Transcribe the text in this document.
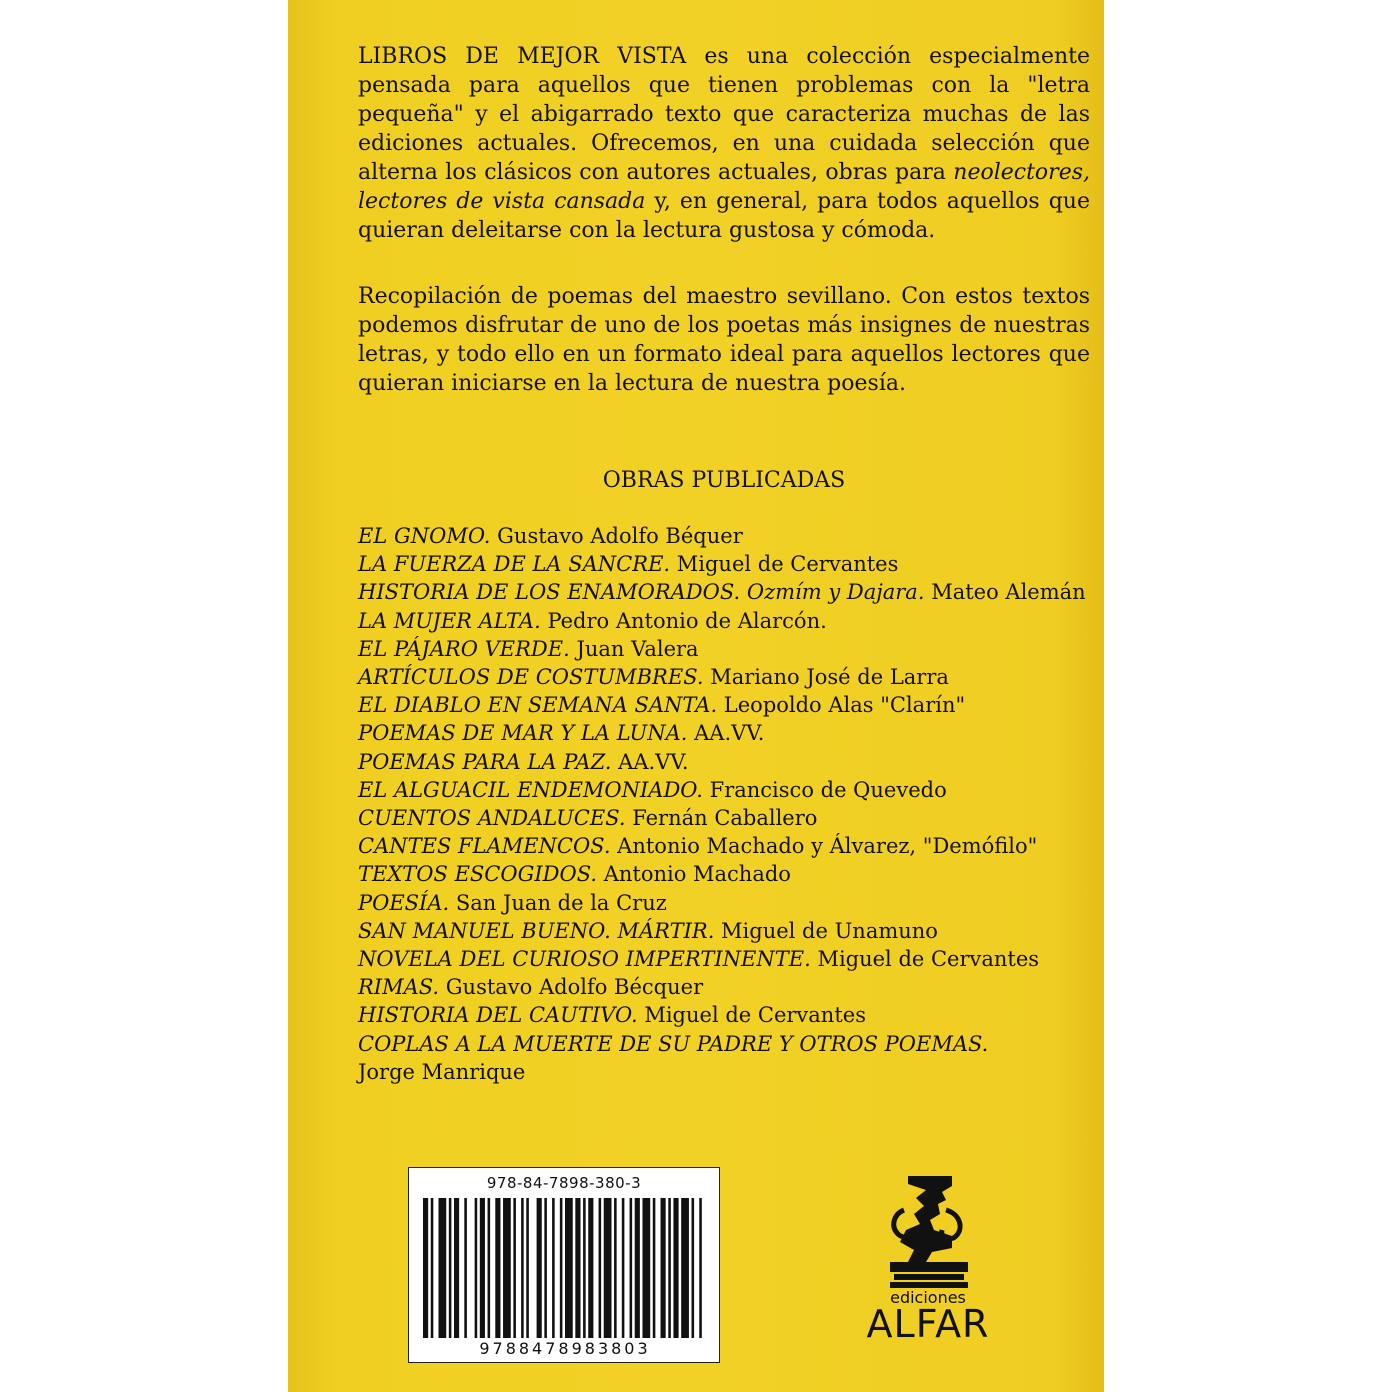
LIBROS DE MEJOR VISTA es una colección especialmente pensada para aquellos que tienen problemas con la "letra pequeña" y el abigarrado texto que caracteriza muchas de las ediciones actuales. Ofrecemos, en una cuidada selección que alterna los clásicos con autores actuales, obras para neolectores, lectores de vista cansada y, en general, para todos aquellos que quieran deleitarse con la lectura gustosa y cómoda.

Recopilación de poemas del maestro sevillano. Con estos textos podemos disfrutar de uno de los poetas más insignes de nuestras letras, y todo ello en un formato ideal para aquellos lectores que quieran iniciarse en la lectura de nuestra poesía.

OBRAS PUBLICADAS
EL GNOMO. Gustavo Adolfo Béquer
LA FUERZA DE LA SANCRE. Miguel de Cervantes
HISTORIA DE LOS ENAMORADOS. Ozmím y Dajara. Mateo Alemán
LA MUJER ALTA. Pedro Antonio de Alarcón.
EL PÁJARO VERDE. Juan Valera
ARTÍCULOS DE COSTUMBRES. Mariano José de Larra
EL DIABLO EN SEMANA SANTA. Leopoldo Alas "Clarín"
POEMAS DE MAR Y LA LUNA. AA.VV.
POEMAS PARA LA PAZ. AA.VV.
EL ALGUACIL ENDEMONIADO. Francisco de Quevedo
CUENTOS ANDALUCES. Fernán Caballero
CANTES FLAMENCOS. Antonio Machado y Álvarez, "Demófilo"
TEXTOS ESCOGIDOS. Antonio Machado
POESÍA. San Juan de la Cruz
SAN MANUEL BUENO. MÁRTIR. Miguel de Unamuno
NOVELA DEL CURIOSO IMPERTINENTE. Miguel de Cervantes
RIMAS. Gustavo Adolfo Bécquer
HISTORIA DEL CAUTIVO. Miguel de Cervantes
COPLAS A LA MUERTE DE SU PADRE Y OTROS POEMAS.
Jorge Manrique
978-84-7898-380-3
9788478983803
ediciones
ALFAR
